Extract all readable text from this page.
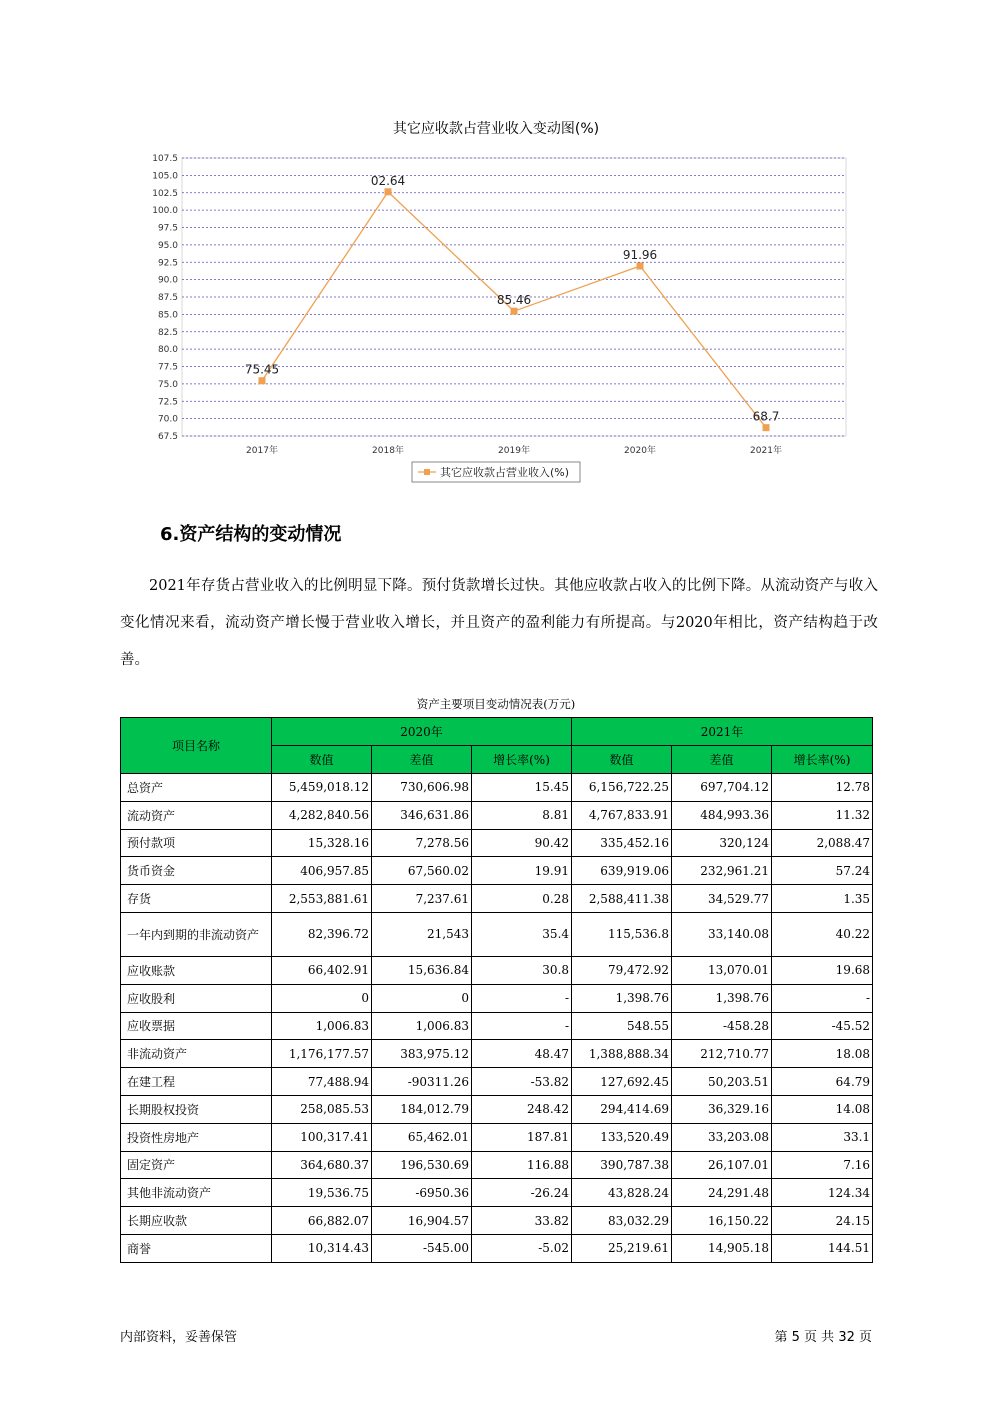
107.5
105.0
102.5
100.0
97.5
95.0
92.5
90.0
87.5
85.0
82.5
80.0
77.5
75.0
72.5
70.0
67.5
2017年	2018年	2019年	2020年	2021年
75.45
02.64
85.46
91.96
68.7
其它应收款占营业收入(%)
其它应收款占营业收入变动图(%)
6.资产结构的变动情况
2021年存货占营业收入的比例明显下降。预付货款增长过快。其他应收款占收入的比例下降。从流动资产与收入变化情况来看，流动资产增长慢于营业收入增长，并且资产的盈利能力有所提高。与2020年相比，资产结构趋于改善。
资产主要项目变动情况表(万元)
项目名称	2020年			2021年		
	数值	差值	增长率(%)	数值	差值	增长率(%)
总资产	5,459,018.12	730,606.98	15.45	6,156,722.25	697,704.12	12.78
流动资产	4,282,840.56	346,631.86	8.81	4,767,833.91	484,993.36	11.32
预付款项	15,328.16	7,278.56	90.42	335,452.16	320,124	2,088.47
货币资金	406,957.85	67,560.02	19.91	639,919.06	232,961.21	57.24
存货	2,553,881.61	7,237.61	0.28	2,588,411.38	34,529.77	1.35
一年内到期的非流动资产	82,396.72	21,543	35.4	115,536.8	33,140.08	40.22
应收账款	66,402.91	15,636.84	30.8	79,472.92	13,070.01	19.68
应收股利	0	0	-	1,398.76	1,398.76	-
应收票据	1,006.83	1,006.83	-	548.55	-458.28	-45.52
非流动资产	1,176,177.57	383,975.12	48.47	1,388,888.34	212,710.77	18.08
在建工程	77,488.94	-90311.26	-53.82	127,692.45	50,203.51	64.79
长期股权投资	258,085.53	184,012.79	248.42	294,414.69	36,329.16	14.08
投资性房地产	100,317.41	65,462.01	187.81	133,520.49	33,203.08	33.1
固定资产	364,680.37	196,530.69	116.88	390,787.38	26,107.01	7.16
其他非流动资产	19,536.75	-6950.36	-26.24	43,828.24	24,291.48	124.34
长期应收款	66,882.07	16,904.57	33.82	83,032.29	16,150.22	24.15
商誉	10,314.43	-545.00	-5.02	25,219.61	14,905.18	144.51
内部资料，妥善保管	第 5 页 共 32 页
